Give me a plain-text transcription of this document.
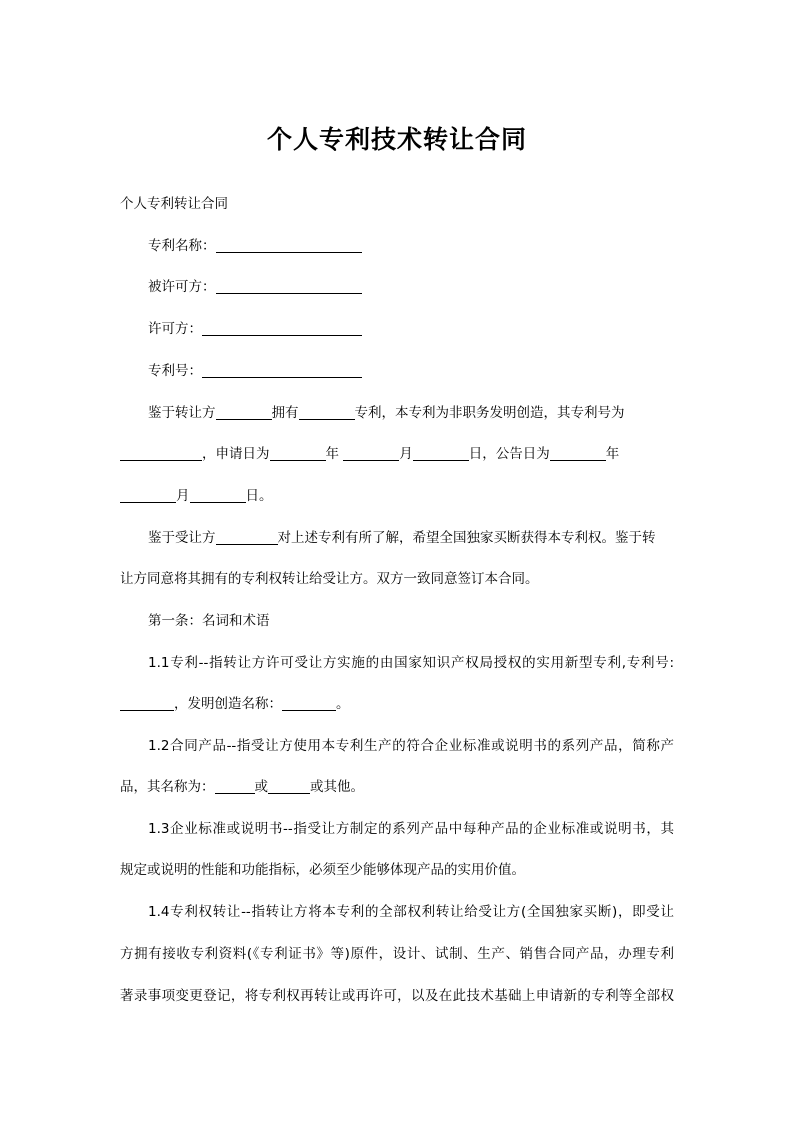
个人专利技术转让合同
个人专利转让合同
专利名称：
被许可方：
许可方：
专利号：
鉴于转让方	拥有	专利，本专利为非职务发明创造，其专利号为
，申请日为	年	月	日，公告日为	年
月	日。
鉴于受让方	对上述专利有所了解，希望全国独家买断获得本专利权。鉴于转
让方同意将其拥有的专利权转让给受让方。双方一致同意签订本合同。
第一条：名词和术语
1.1专利--指转让方许可受让方实施的由国家知识产权局授权的实用新型专利,专利号:
，发明创造名称：	。
1.2合同产品--指受让方使用本专利生产的符合企业标准或说明书的系列产品，简称产
品，其名称为：	或	或其他。
1.3企业标准或说明书--指受让方制定的系列产品中每种产品的企业标准或说明书，其
规定或说明的性能和功能指标，必须至少能够体现产品的实用价值。
1.4专利权转让--指转让方将本专利的全部权利转让给受让方(全国独家买断)，即受让
方拥有接收专利资料(《专利证书》等)原件，设计、试制、生产、销售合同产品，办理专利
著录事项变更登记，将专利权再转让或再许可，以及在此技术基础上申请新的专利等全部权
